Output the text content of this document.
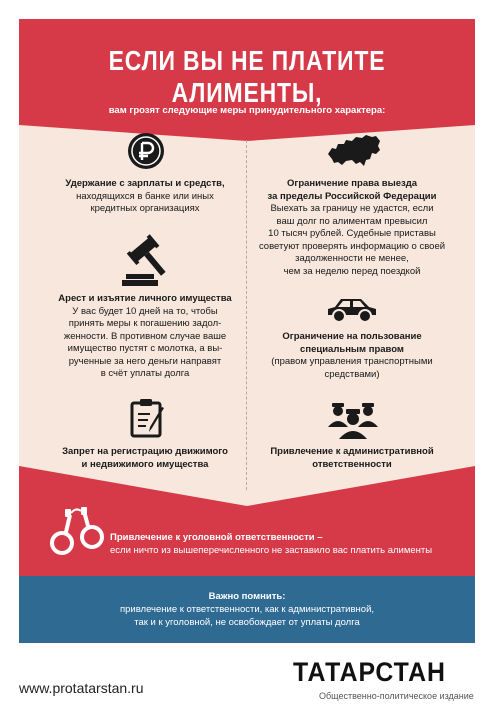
ЕСЛИ ВЫ НЕ ПЛАТИТЕ АЛИМЕНТЫ,
вам грозят следующие меры принудительного характера:
Удержание с зарплаты и средств,
находящихся в банке или иных
кредитных организациях
Арест и изъятие личного имущества
У вас будет 10 дней на то, чтобы
принять меры к погашению задол-
женности. В противном случае ваше
имущество пустят с молотка, а вы-
рученные за него деньги направят
в счёт уплаты долга
Запрет на регистрацию движимого
и недвижимого имущества
Ограничение права выезда
за пределы Российской Федерации
Выехать за границу не удастся, если
ваш долг по алиментам превысил
10 тысяч рублей. Судебные приставы
советуют проверять информацию о своей
задолженности не менее,
чем за неделю перед поездкой
Ограничение на пользование
специальным правом
(правом управления транспортными
средствами)
Привлечение к административной
ответственности
Привлечение к уголовной ответственности –
если ничто из вышеперечисленного не заставило вас платить алименты
Важно помнить:
привлечение к ответственности, как к административной,
так и к уголовной, не освобождает от уплаты долга
www.protatarstan.ru
ТАТАРСТАН
Общественно-политическое издание
